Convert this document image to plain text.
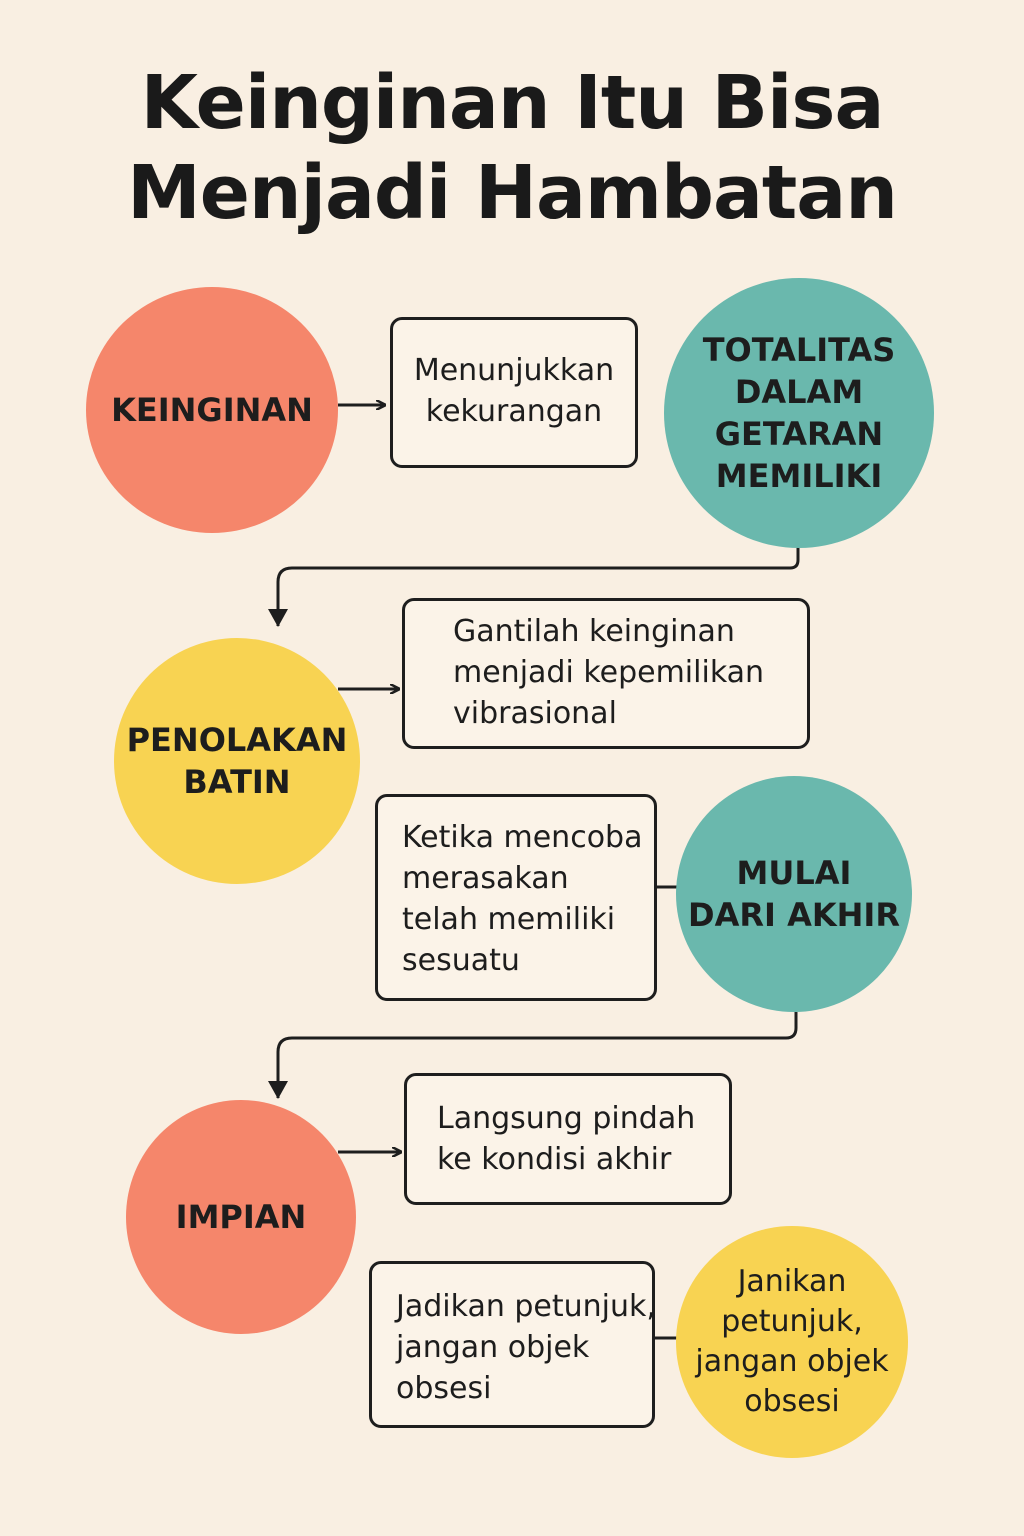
Keinginan Itu Bisa
Menjadi Hambatan
KEINGINAN
TOTALITAS
DALAM
GETARAN
MEMILIKI
PENOLAKAN
BATIN
MULAI
DARI AKHIR
IMPIAN
Janikan
petunjuk,
jangan objek
obsesi
Menunjukkan
kekurangan
Gantilah keinginan
menjadi kepemilikan
vibrasional
Ketika mencoba
merasakan
telah memiliki
sesuatu
Langsung pindah
ke kondisi akhir
Jadikan petunjuk,
jangan objek
obsesi
